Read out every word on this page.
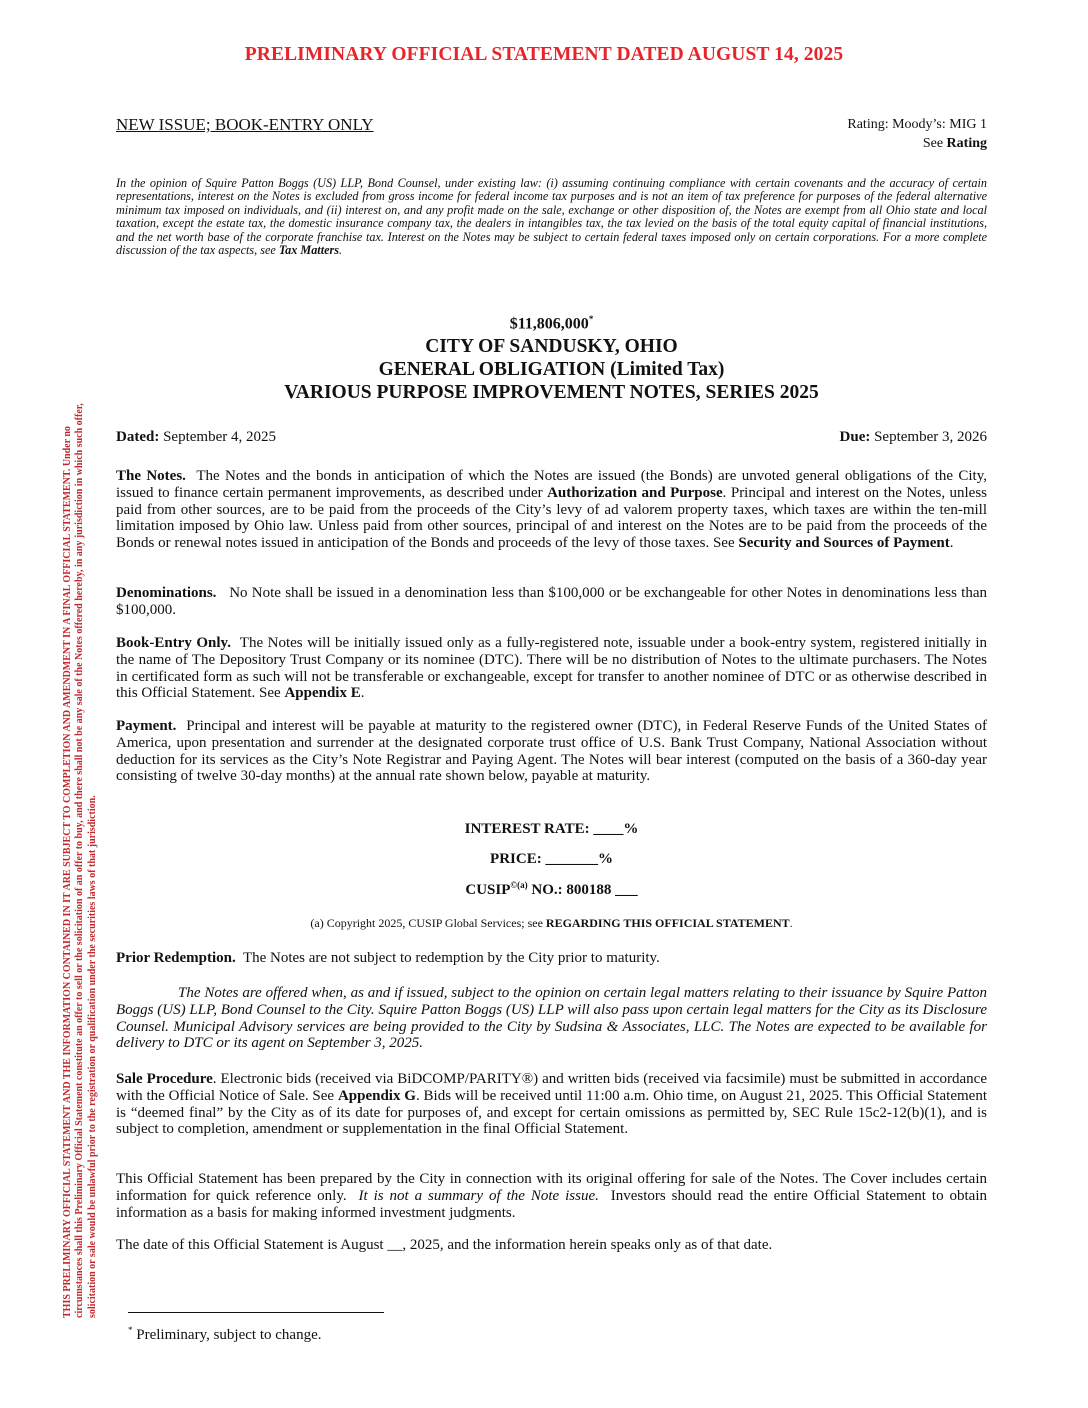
PRELIMINARY OFFICIAL STATEMENT DATED AUGUST 14, 2025
THIS PRELIMINARY OFFICIAL STATEMENT AND THE INFORMATION CONTAINED IN IT ARE SUBJECT TO COMPLETION AND AMENDMENT IN A FINAL OFFICIAL STATEMENT. Under no circumstances shall this Preliminary Official Statement constitute an offer to sell or the solicitation of an offer to buy, and there shall not be any sale of the Notes offered hereby, in any jurisdiction in which such offer, solicitation or sale would be unlawful prior to the registration or qualification under the securities laws of that jurisdiction.
NEW ISSUE; BOOK-ENTRY ONLY	Rating: Moody’s: MIG 1
See Rating
In the opinion of Squire Patton Boggs (US) LLP, Bond Counsel, under existing law: (i) assuming continuing compliance with certain covenants and the accuracy of certain representations, interest on the Notes is excluded from gross income for federal income tax purposes and is not an item of tax preference for purposes of the federal alternative minimum tax imposed on individuals, and (ii) interest on, and any profit made on the sale, exchange or other disposition of, the Notes are exempt from all Ohio state and local taxation, except the estate tax, the domestic insurance company tax, the dealers in intangibles tax, the tax levied on the basis of the total equity capital of financial institutions, and the net worth base of the corporate franchise tax. Interest on the Notes may be subject to certain federal taxes imposed only on certain corporations. For a more complete discussion of the tax aspects, see Tax Matters.
$11,806,000*
CITY OF SANDUSKY, OHIO
GENERAL OBLIGATION (Limited Tax)
VARIOUS PURPOSE IMPROVEMENT NOTES, SERIES 2025
Dated: September 4, 2025	Due: September 3, 2026

The Notes. The Notes and the bonds in anticipation of which the Notes are issued (the Bonds) are unvoted general obligations of the City, issued to finance certain permanent improvements, as described under Authorization and Purpose. Principal and interest on the Notes, unless paid from other sources, are to be paid from the proceeds of the City’s levy of ad valorem property taxes, which taxes are within the ten-mill limitation imposed by Ohio law. Unless paid from other sources, principal of and interest on the Notes are to be paid from the proceeds of the Bonds or renewal notes issued in anticipation of the Bonds and proceeds of the levy of those taxes. See Security and Sources of Payment.

Denominations. No Note shall be issued in a denomination less than $100,000 or be exchangeable for other Notes in denominations less than $100,000.

Book-Entry Only. The Notes will be initially issued only as a fully-registered note, issuable under a book-entry system, registered initially in the name of The Depository Trust Company or its nominee (DTC). There will be no distribution of Notes to the ultimate purchasers. The Notes in certificated form as such will not be transferable or exchangeable, except for transfer to another nominee of DTC or as otherwise described in this Official Statement. See Appendix E.

Payment. Principal and interest will be payable at maturity to the registered owner (DTC), in Federal Reserve Funds of the United States of America, upon presentation and surrender at the designated corporate trust office of U.S. Bank Trust Company, National Association without deduction for its services as the City’s Note Registrar and Paying Agent. The Notes will bear interest (computed on the basis of a 360-day year consisting of twelve 30-day months) at the annual rate shown below, payable at maturity.

INTEREST RATE: ____%
PRICE: _______%
$CUSIP^{©(a)}$ NO.: 800188 ___
(a) Copyright 2025, CUSIP Global Services; see REGARDING THIS OFFICIAL STATEMENT.

Prior Redemption. The Notes are not subject to redemption by the City prior to maturity.

The Notes are offered when, as and if issued, subject to the opinion on certain legal matters relating to their issuance by Squire Patton Boggs (US) LLP, Bond Counsel to the City. Squire Patton Boggs (US) LLP will also pass upon certain legal matters for the City as its Disclosure Counsel. Municipal Advisory services are being provided to the City by Sudsina & Associates, LLC. The Notes are expected to be available for delivery to DTC or its agent on September 3, 2025.

Sale Procedure. Electronic bids (received via BiDCOMP/PARITY®) and written bids (received via facsimile) must be submitted in accordance with the Official Notice of Sale. See Appendix G. Bids will be received until 11:00 a.m. Ohio time, on August 21, 2025. This Official Statement is “deemed final” by the City as of its date for purposes of, and except for certain omissions as permitted by, SEC Rule 15c2-12(b)(1), and is subject to completion, amendment or supplementation in the final Official Statement.

This Official Statement has been prepared by the City in connection with its original offering for sale of the Notes. The Cover includes certain information for quick reference only. It is not a summary of the Note issue. Investors should read the entire Official Statement to obtain information as a basis for making informed investment judgments.

The date of this Official Statement is August __, 2025, and the information herein speaks only as of that date.

* Preliminary, subject to change.
